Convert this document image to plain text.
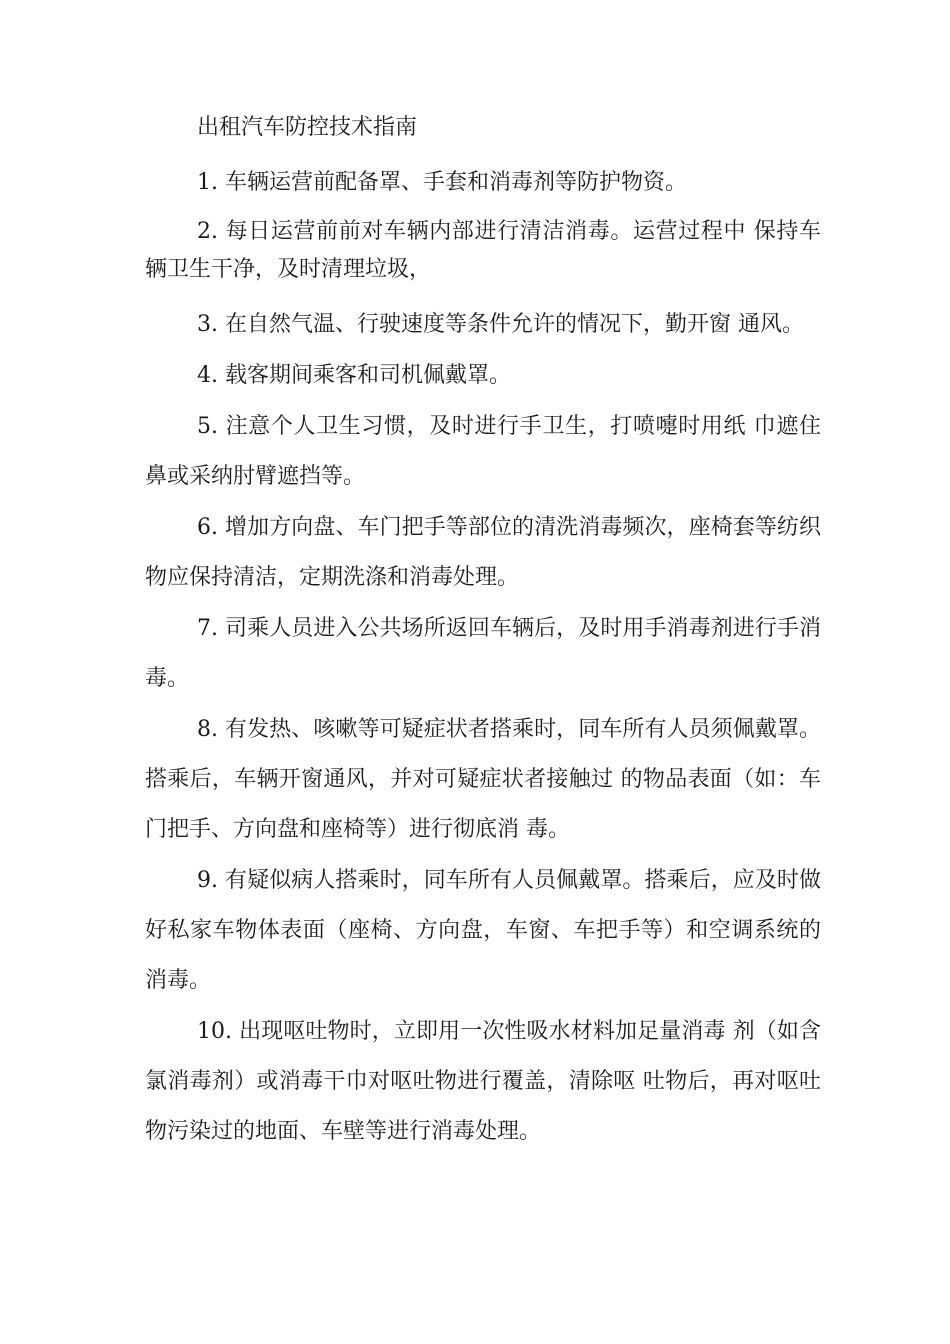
出租汽车防控技术指南

1. 车辆运营前配备罩、手套和消毒剂等防护物资。

2. 每日运营前前对车辆内部进行清洁消毒。运营过程中 保持车辆卫生干净，及时清理垃圾，

3. 在自然气温、行驶速度等条件允许的情况下，勤开窗 通风。

4. 载客期间乘客和司机佩戴罩。

5. 注意个人卫生习惯，及时进行手卫生，打喷嚏时用纸 巾遮住鼻或采纳肘臂遮挡等。

6. 增加方向盘、车门把手等部位的清洗消毒频次，座椅套等纺织物应保持清洁，定期洗涤和消毒处理。

7. 司乘人员进入公共场所返回车辆后，及时用手消毒剂进行手消毒。

8. 有发热、咳嗽等可疑症状者搭乘时，同车所有人员须佩戴罩。搭乘后，车辆开窗通风，并对可疑症状者接触过 的物品表面（如：车门把手、方向盘和座椅等）进行彻底消 毒。

9. 有疑似病人搭乘时，同车所有人员佩戴罩。搭乘后，应及时做好私家车物体表面（座椅、方向盘，车窗、车把手等）和空调系统的消毒。

10. 出现呕吐物时，立即用一次性吸水材料加足量消毒 剂（如含氯消毒剂）或消毒干巾对呕吐物进行覆盖，清除呕 吐物后，再对呕吐物污染过的地面、车壁等进行消毒处理。
